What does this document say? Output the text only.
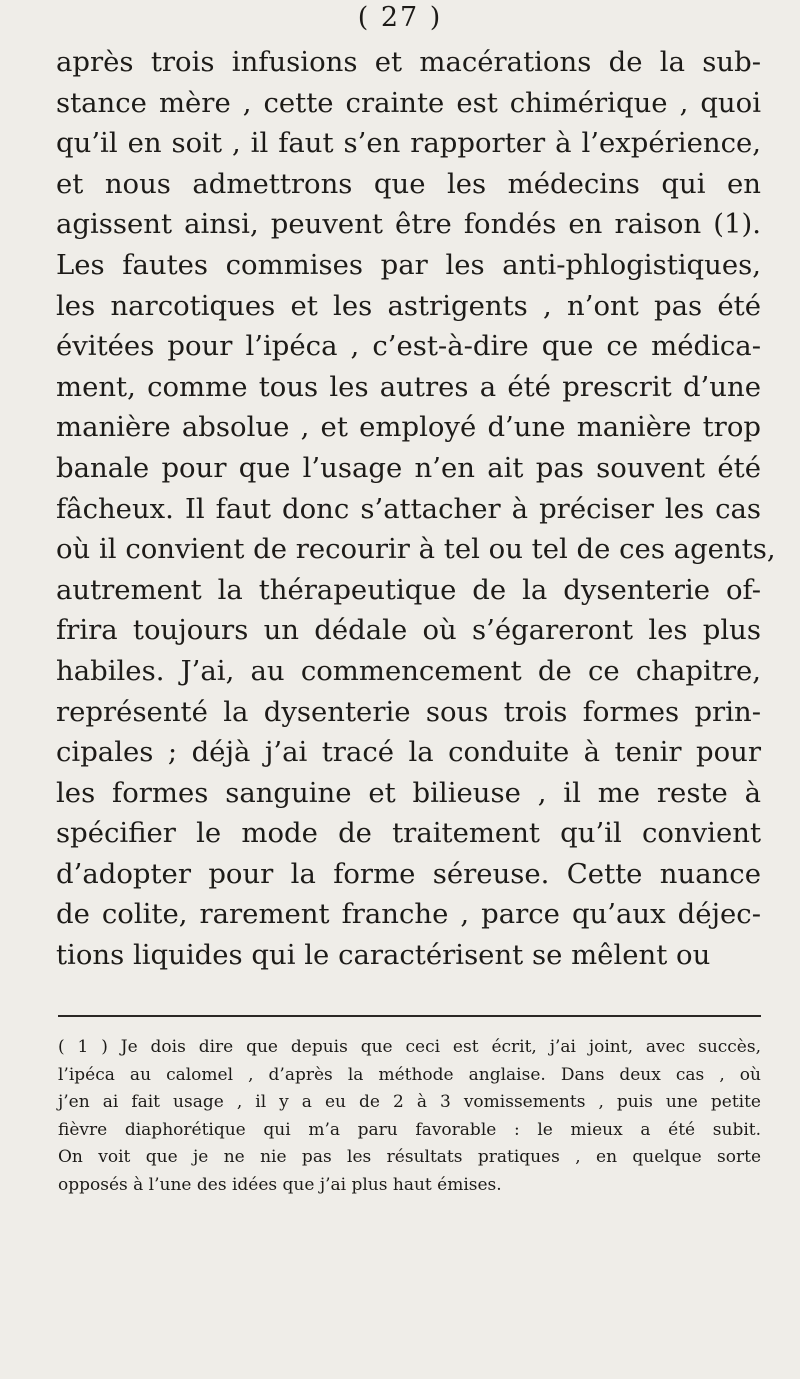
( 27 )
après trois infusions et macérations de la sub-
stance mère , cette crainte est chimérique , quoi
qu’il en soit , il faut s’en rapporter à l’expérience,
et nous admettrons que les médecins qui en
agissent ainsi, peuvent être fondés en raison (1).
Les fautes commises par les anti-phlogistiques,
les narcotiques et les astrigents , n’ont pas été
évitées pour l’ipéca , c’est-à-dire que ce médica-
ment, comme tous les autres a été prescrit d’une
manière absolue , et employé d’une manière trop
banale pour que l’usage n’en ait pas souvent été
fâcheux. Il faut donc s’attacher à préciser les cas
où il convient de recourir à tel ou tel de ces agents,
autrement la thérapeutique de la dysenterie of-
frira toujours un dédale où s’égareront les plus
habiles. J’ai, au commencement de ce chapitre,
représenté la dysenterie sous trois formes prin-
cipales ; déjà j’ai tracé la conduite à tenir pour
les formes sanguine et bilieuse , il me reste à
spécifier le mode de traitement qu’il convient
d’adopter pour la forme séreuse. Cette nuance
de colite, rarement franche , parce qu’aux déjec-
tions liquides qui le caractérisent se mêlent ou
( 1 ) Je dois dire que depuis que ceci est écrit, j’ai joint, avec succès,
l’ipéca au calomel , d’après la méthode anglaise. Dans deux cas , où
j’en ai fait usage , il y a eu de 2 à 3 vomissements , puis une petite
fièvre diaphorétique qui m’a paru favorable : le mieux a été subit.
On voit que je ne nie pas les résultats pratiques , en quelque sorte
opposés à l’une des idées que j’ai plus haut émises.
